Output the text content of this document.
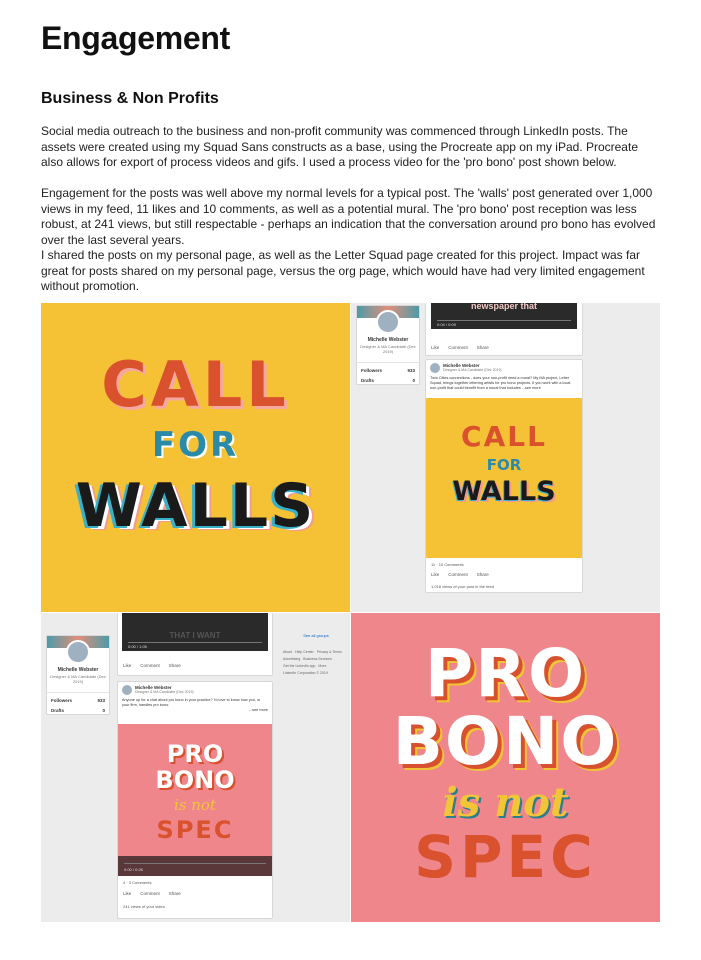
Engagement
Business & Non Profits

Social media outreach to the business and non-profit community was commenced through LinkedIn posts. The assets were created using my Squad Sans constructs as a base, using the Procreate app on my iPad. Procreate also allows for export of process videos and gifs. I used a process video for the 'pro bono' post shown below.

Engagement for the posts was well above my normal levels for a typical post. The 'walls' post generated over 1,000 views in my feed, 11 likes and 10 comments, as well as a potential mural. The 'pro bono' post reception was less robust, at 241 views, but still respectable - perhaps an indication that the conversation around pro bono has evolved over the last several years.

I shared the posts on my personal page, as well as the Letter Squad page created for this project. Impact was far great for posts shared on my personal page, versus the org page, which would have had very limited engagement without promotion.

CALL
FOR
WALLS
Michelle Webster
Designer & MA Candidate (Dec 2019)
Followers	933
Drafts	0
newspaper that
0:04 / 0:09
Like Comment Share
Michelle Webster
Designer & MA Candidate (Dec 2019)
Twin Cities connections - does your non-profit need a mural? My MA project, Letter Squad, brings together lettering artists for pro bono projects. If you work with a local non-profit that could benefit from a mural that includes ...see more
CALL
FOR
WALLS
11 · 10 Comments
Like Comment Share
1,018 views of your post in the feed
Michelle Webster
Designer & MA Candidate (Dec 2019)
Followers	933
Drafts	0
THAT I WANT
0:00 / 1:05
Like Comment Share
Michelle Webster
Designer & MA Candidate (Dec 2019)
Anyone up for a chat about pro bono in your practice? I'd love to know how you, or your firm, handles pro bono.
...see more
PRO
BONO
is not
SPEC
0:00 / 0:26
4 · 3 Comments
Like Comment Share
241 views of your video
See all groups
About Help Center Privacy & Terms
Advertising Business Services
Get the LinkedIn app More
LinkedIn Corporation © 2019	PRO
BONO
is not
SPEC
